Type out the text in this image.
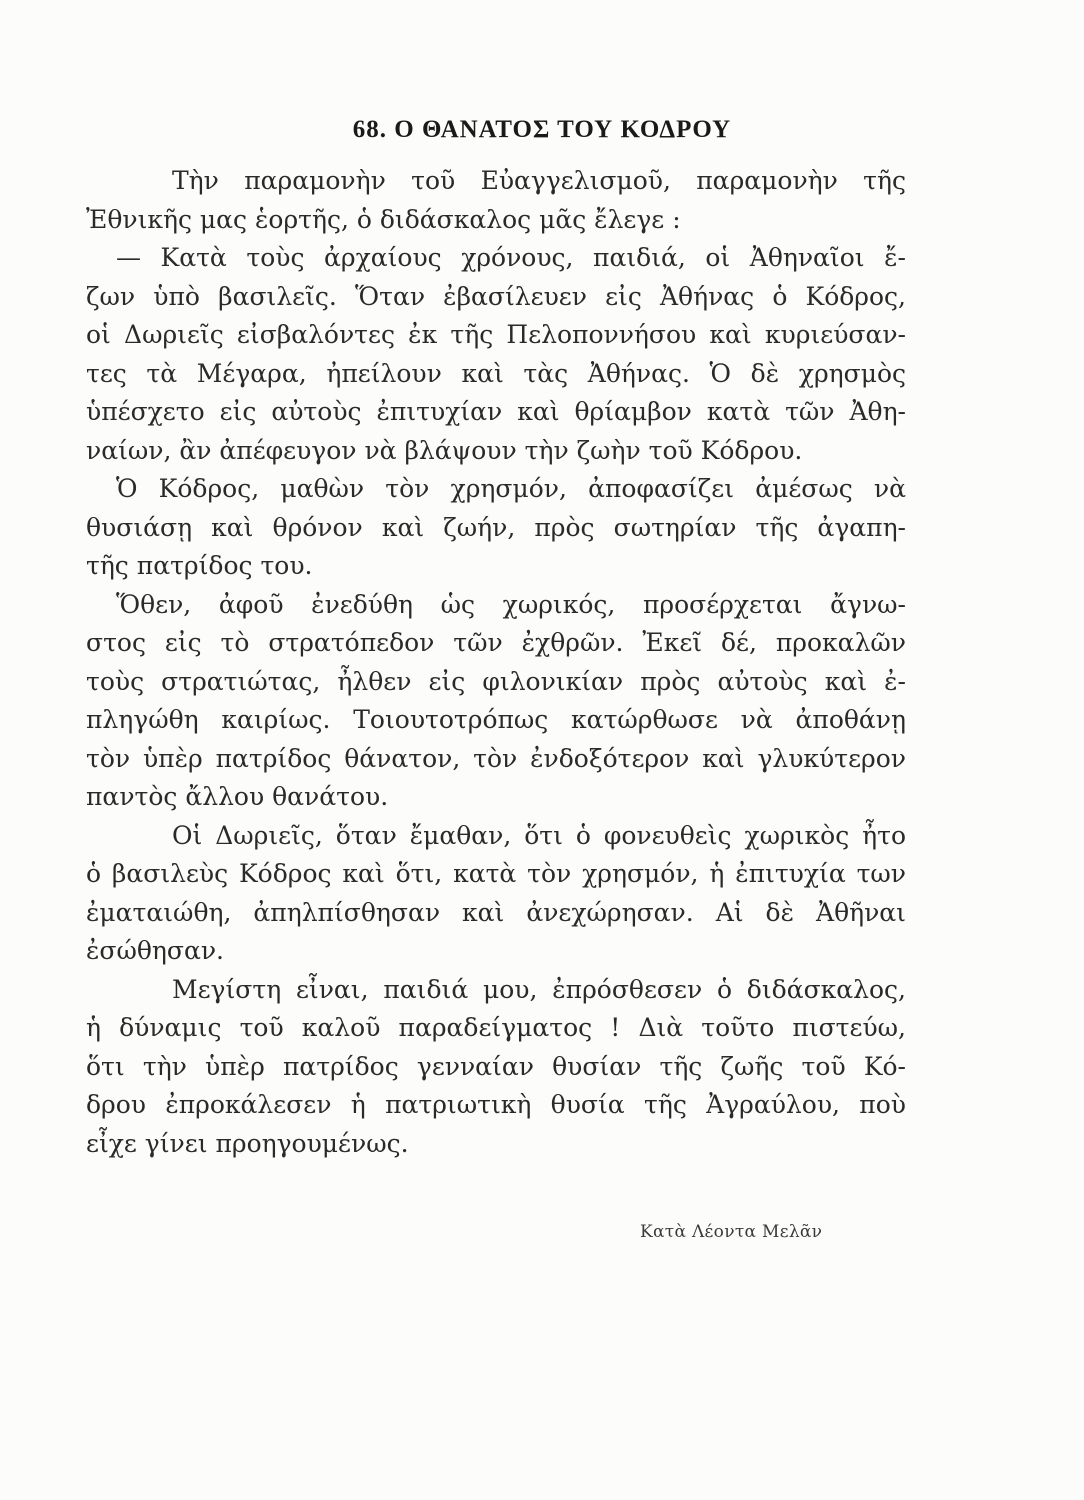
68. Ο ΘΑΝΑΤΟΣ ΤΟΥ ΚΟΔΡΟΥ
Τὴν παραμονὴν τοῦ Εὐαγγελισμοῦ, παραμονὴν τῆς
Ἐθνικῆς μας ἑορτῆς, ὁ διδάσκαλος μᾶς ἔλεγε :
— Κατὰ τοὺς ἀρχαίους χρόνους, παιδιά, οἱ Ἀθηναῖοι ἔ-
ζων ὑπὸ βασιλεῖς. Ὅταν ἐβασίλευεν εἰς Ἀθήνας ὁ Κόδρος,
οἱ Δωριεῖς εἰσβαλόντες ἐκ τῆς Πελοποννήσου καὶ κυριεύσαν-
τες τὰ Μέγαρα, ἠπείλουν καὶ τὰς Ἀθήνας. Ὁ δὲ χρησμὸς
ὑπέσχετο εἰς αὐτοὺς ἐπιτυχίαν καὶ θρίαμβον κατὰ τῶν Ἀθη-
ναίων, ἂν ἀπέφευγον νὰ βλάψουν τὴν ζωὴν τοῦ Κόδρου.
Ὁ Κόδρος, μαθὼν τὸν χρησμόν, ἀποφασίζει ἀμέσως νὰ
θυσιάσῃ καὶ θρόνον καὶ ζωήν, πρὸς σωτηρίαν τῆς ἀγαπη-
τῆς πατρίδος του.
Ὅθεν, ἀφοῦ ἐνεδύθη ὡς χωρικός, προσέρχεται ἄγνω-
στος εἰς τὸ στρατόπεδον τῶν ἐχθρῶν. Ἐκεῖ δέ, προκαλῶν
τοὺς στρατιώτας, ἦλθεν εἰς φιλονικίαν πρὸς αὐτοὺς καὶ ἐ-
πληγώθη καιρίως. Τοιουτοτρόπως κατώρθωσε νὰ ἀποθάνῃ
τὸν ὑπὲρ πατρίδος θάνατον, τὸν ἐνδοξότερον καὶ γλυκύτερον
παντὸς ἄλλου θανάτου.
Οἱ Δωριεῖς, ὅταν ἔμαθαν, ὅτι ὁ φονευθεὶς χωρικὸς ἦτο
ὁ βασιλεὺς Κόδρος καὶ ὅτι, κατὰ τὸν χρησμόν, ἡ ἐπιτυχία των
ἐματαιώθη, ἀπηλπίσθησαν καὶ ἀνεχώρησαν. Αἱ δὲ Ἀθῆναι
ἐσώθησαν.
Μεγίστη εἶναι, παιδιά μου, ἐπρόσθεσεν ὁ διδάσκαλος,
ἡ δύναμις τοῦ καλοῦ παραδείγματος ! Διὰ τοῦτο πιστεύω,
ὅτι τὴν ὑπὲρ πατρίδος γενναίαν θυσίαν τῆς ζωῆς τοῦ Κό-
δρου ἐπροκάλεσεν ἡ πατριωτικὴ θυσία τῆς Ἀγραύλου, ποὺ
εἶχε γίνει προηγουμένως.
Κατὰ Λέοντα Μελᾶν
